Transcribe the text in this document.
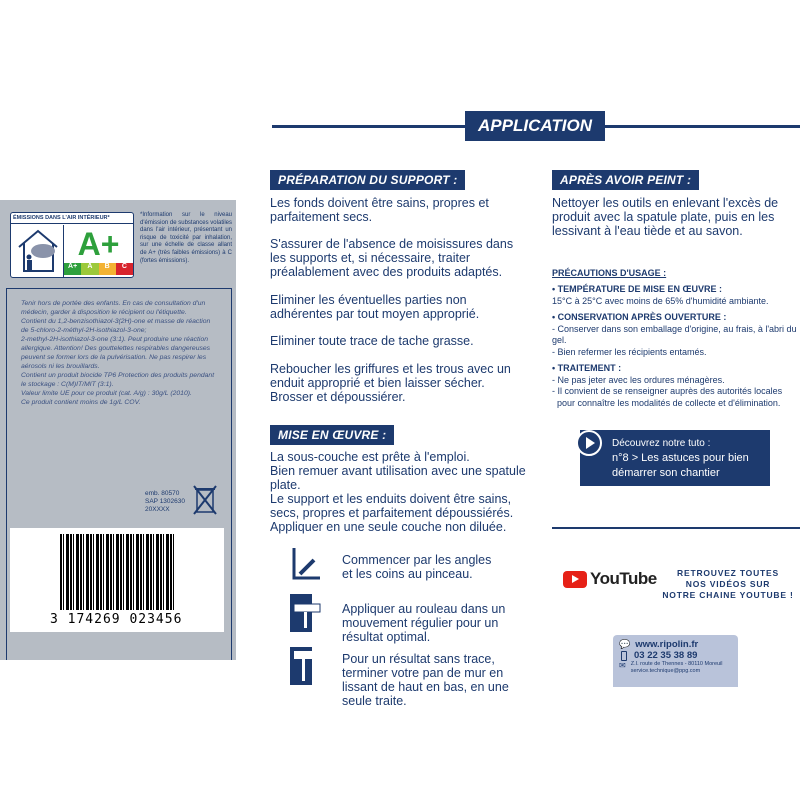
ÉMISSIONS DANS L'AIR INTÉRIEUR*
A+
A+	A	B	C
*Information sur le niveau d'émission de substances volatiles dans l'air intérieur, présentant un risque de toxicité par inhalation, sur une échelle de classe allant de A+ (très faibles émissions) à C (fortes émissions).
Tenir hors de portée des enfants. En cas de consultation d'un médecin, garder à disposition le récipient ou l'étiquette.
Contient du 1,2-benzisothiazol-3(2H)-one et masse de réaction de 5-chloro-2-méthyl-2H-isothiazol-3-one;
2-methyl-2H-isothiazol-3-one (3:1). Peut produire une réaction allergique. Attention! Des gouttelettes respirables dangereuses peuvent se former lors de la pulvérisation. Ne pas respirer les aérosols ni les brouillards.
Contient un produit biocide TP6 Protection des produits pendant le stockage : C(M)IT/MIT (3:1).
Valeur limite UE pour ce produit (cat. A/g) : 30g/L (2010).
Ce produit contient moins de 1g/L COV.
emb. 80570
SAP 1302630
20XXXX
3 174269 023456
APPLICATION
PRÉPARATION DU SUPPORT :
Les fonds doivent être sains, propres et parfaitement secs.
S'assurer de l'absence de moisissures dans les supports et, si nécessaire, traiter préalablement avec des produits adaptés.
Eliminer les éventuelles parties non adhérentes par tout moyen approprié.
Eliminer toute trace de tache grasse.
Reboucher les griffures et les trous avec un enduit approprié et bien laisser sécher.
Brosser et dépoussiérer.
MISE EN ŒUVRE :
La sous-couche est prête à l'emploi.
Bien remuer avant utilisation avec une spatule plate.
Le support et les enduits doivent être sains, secs, propres et parfaitement dépoussiérés.
Appliquer en une seule couche non diluée.
Commencer par les angles et les coins au pinceau.
Appliquer au rouleau dans un mouvement régulier pour un résultat optimal.
Pour un résultat sans trace, terminer votre pan de mur en lissant de haut en bas, en une seule traite.
APRÈS AVOIR PEINT :
Nettoyer les outils en enlevant l'excès de produit avec la spatule plate, puis en les lessivant à l'eau tiède et au savon.
PRÉCAUTIONS D'USAGE :
• TEMPÉRATURE DE MISE EN ŒUVRE :
15°C à 25°C avec moins de 65% d'humidité ambiante.
• CONSERVATION APRÈS OUVERTURE :
- Conserver dans son emballage d'origine, au frais, à l'abri du gel.
- Bien refermer les récipients entamés.
• TRAITEMENT :
- Ne pas jeter avec les ordures ménagères.
- Il convient de se renseigner auprès des autorités locales
pour connaître les modalités de collecte et d'élimination.
Découvrez notre tuto :
n°8 > Les astuces pour bien
démarrer son chantier
YouTube	RETROUVEZ TOUTES
NOS VIDÉOS SUR
NOTRE CHAINE YOUTUBE !
💬 www.ripolin.fr
03 22 35 38 89
✉ Z.I. route de Thennes - 80110 Moreuil
service.technique@ppg.com
